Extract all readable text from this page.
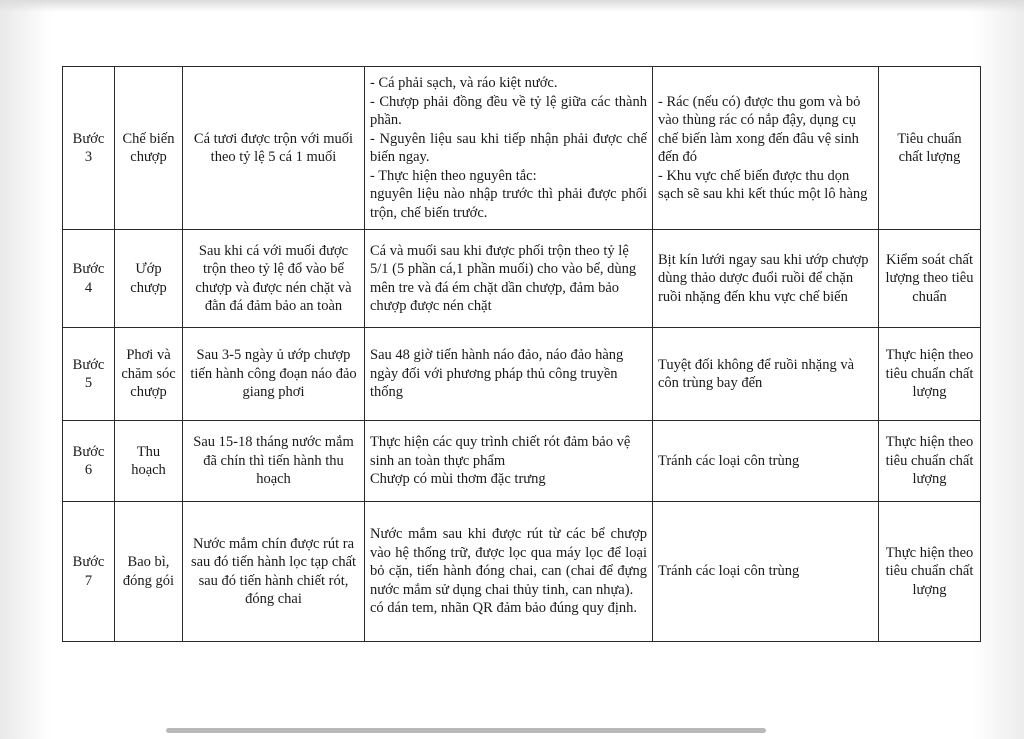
Bước 3	Chế biến chượp	Cá tươi được trộn với muối theo tỷ lệ 5 cá 1 muối	- Cá phải sạch, và ráo kiệt nước.
- Chượp phải đồng đều về tỷ lệ giữa các thành phần.
- Nguyên liệu sau khi tiếp nhận phải được chế biến ngay.
- Thực hiện theo nguyên tắc:
nguyên liệu nào nhập trước thì phải được phối trộn, chế biến trước.	- Rác (nếu có) được thu gom và bỏ vào thùng rác có nắp đậy, dụng cụ chế biến làm xong đến đâu vệ sinh đến đó
- Khu vực chế biến được thu dọn sạch sẽ sau khi kết thúc một lô hàng	Tiêu chuẩn chất lượng
Bước 4	Ướp chượp	Sau khi cá với muối được trộn theo tỷ lệ đổ vào bể chượp và được nén chặt và đằn đá đảm bảo an toàn	Cá và muối sau khi được phối trộn theo tỷ lệ 5/1 (5 phần cá,1 phần muối) cho vào bể, dùng mên tre và đá ém chặt dần chượp, đảm bảo chượp được nén chặt	Bịt kín lưới ngay sau khi ướp chượp dùng thảo dược đuổi ruồi để chặn ruồi nhặng đến khu vực chế biến	Kiểm soát chất lượng theo tiêu chuẩn
Bước 5	Phơi và chăm sóc chượp	Sau 3-5 ngày ủ ướp chượp tiến hành công đoạn náo đảo giang phơi	Sau 48 giờ tiến hành náo đảo, náo đảo hàng ngày đối với phương pháp thủ công truyền thống	Tuyệt đối không để ruồi nhặng và côn trùng bay đến	Thực hiện theo tiêu chuẩn chất lượng
Bước 6	Thu hoạch	Sau 15-18 tháng nước mắm đã chín thì tiến hành thu hoạch	Thực hiện các quy trình chiết rót đảm bảo vệ sinh an toàn thực phẩm
Chượp có mùi thơm đặc trưng	Tránh các loại côn trùng	Thực hiện theo tiêu chuẩn chất lượng
Bước 7	Bao bì, đóng gói	Nước mắm chín được rút ra sau đó tiến hành lọc tạp chất sau đó tiến hành chiết rót, đóng chai	Nước mắm sau khi được rút từ các bể chượp vào hệ thống trữ, được lọc qua máy lọc để loại bỏ cặn, tiến hành đóng chai, can (chai để đựng nước mắm sử dụng chai thủy tinh, can nhựa).
có dán tem, nhãn QR đảm bảo đúng quy định.	Tránh các loại côn trùng	Thực hiện theo tiêu chuẩn chất lượng
